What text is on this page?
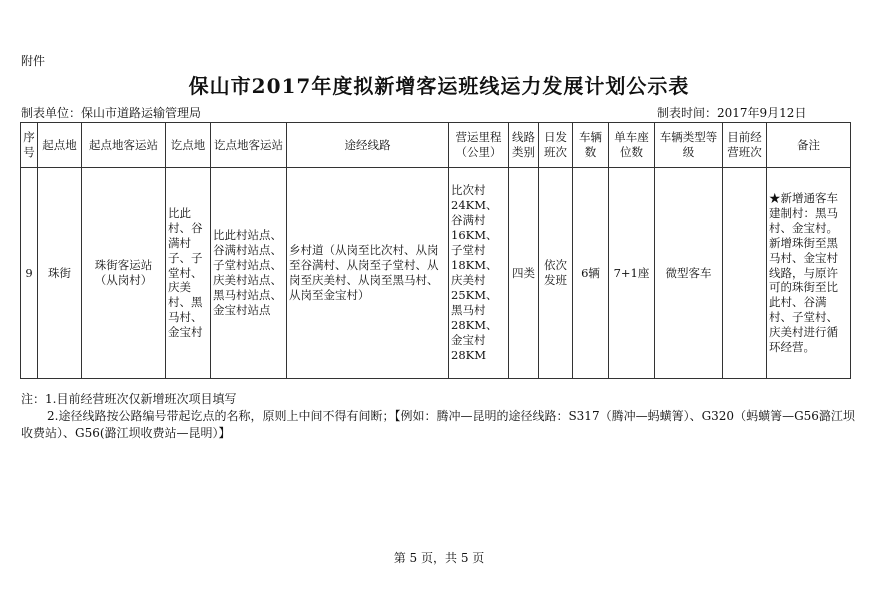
附件
保山市2017年度拟新增客运班线运力发展计划公示表
制表单位：保山市道路运输管理局	制表时间：2017年9月12日
序号	起点地	起点地客运站	讫点地	讫点地客运站	途经线路	营运里程（公里）	线路类别	日发班次	车辆数	单车座位数	车辆类型等级	目前经营班次	备注
9	珠街	珠街客运站（从岗村）	比此村、谷满村子、子堂村、庆美村、黑马村、金宝村	比此村站点、谷满村站点、子堂村站点、庆美村站点、黑马村站点、金宝村站点	乡村道（从岗至比次村、从岗至谷满村、从岗至子堂村、从岗至庆美村、从岗至黑马村、从岗至金宝村）	比次村24KM、谷满村16KM、子堂村18KM、庆美村25KM、黑马村28KM、金宝村28KM	四类	依次发班	6辆	7+1座	微型客车		★新增通客车建制村：黑马村、金宝村。新增珠街至黑马村、金宝村线路，与原许可的珠街至比此村、谷满村、子堂村、庆美村进行循环经营。
注：1.目前经营班次仅新增班次项目填写
2.途径线路按公路编号带起讫点的名称，原则上中间不得有间断；【例如：腾冲—昆明的途径线路：S317（腾冲—蚂蟥箐）、G320（蚂蟥箐—G56潞江坝收费站）、G56(潞江坝收费站—昆明）】
第 5 页，共 5 页
